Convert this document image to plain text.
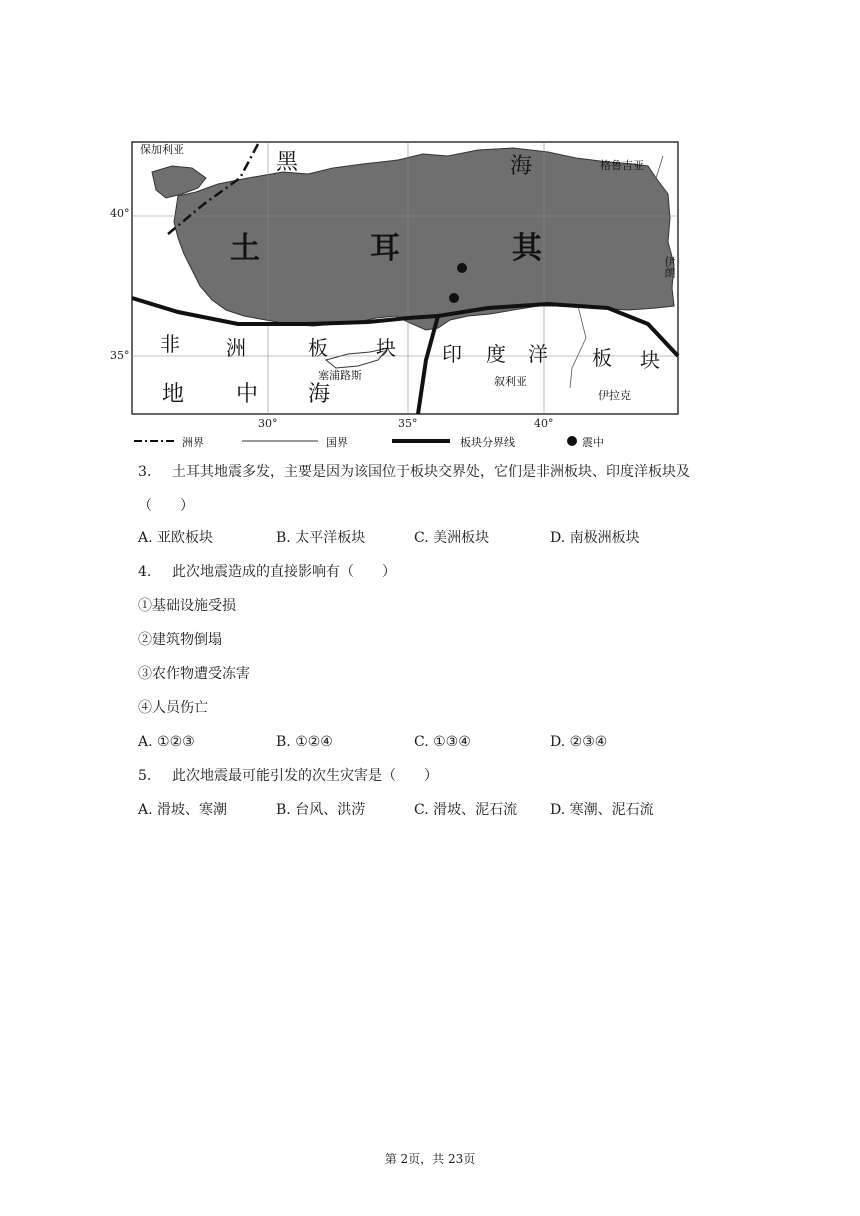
保加利亚
格鲁吉亚
伊朗
叙利亚
伊拉克
塞浦路斯
黑	海
土	耳	其
非 洲	板 块 印 度 洋 板 块
地 中 海
40°
35°
30°	35°	40°
洲界	国界	板块分界线	震中
3. 土耳其地震多发，主要是因为该国位于板块交界处，它们是非洲板块、印度洋板块及
（　　）
A. 亚欧板块	B. 太平洋板块	C. 美洲板块	D. 南极洲板块
4. 此次地震造成的直接影响有（　　）
①基础设施受损
②建筑物倒塌
③农作物遭受冻害
④人员伤亡
A. ①②③	B. ①②④	C. ①③④	D. ②③④
5. 此次地震最可能引发的次生灾害是（　　）
A. 滑坡、寒潮	B. 台风、洪涝	C. 滑坡、泥石流 D. 寒潮、泥石流
第 2页，共 23页
